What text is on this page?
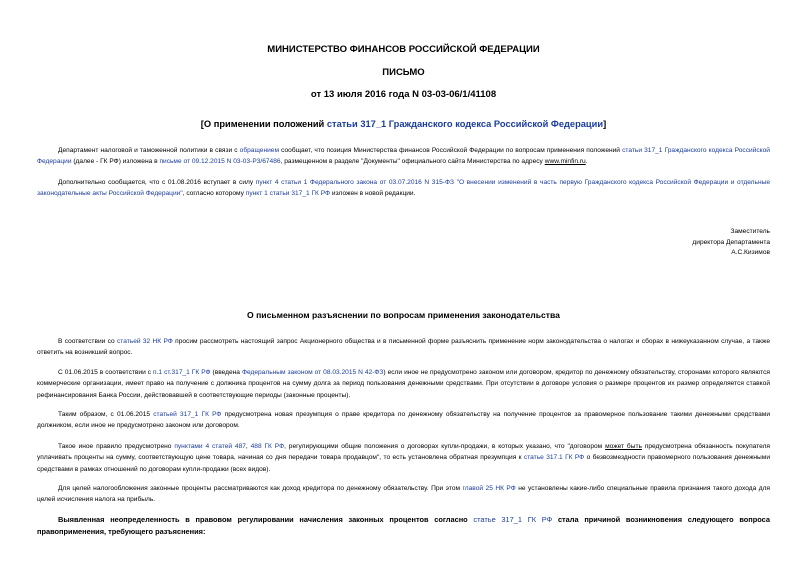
МИНИСТЕРСТВО ФИНАНСОВ РОССИЙСКОЙ ФЕДЕРАЦИИ
ПИСЬМО
от 13 июля 2016 года N 03-03-06/1/41108
[О применении положений статьи 317_1 Гражданского кодекса Российской Федерации]

Департамент налоговой и таможенной политики в связи с обращением сообщает, что позиция Министерства финансов Российской Федерации по вопросам применения положений статьи 317_1 Гражданского кодекса Российской Федерации (далее - ГК РФ) изложена в письме от 09.12.2015 N 03-03-Р3/67486, размещенном в разделе "Документы" официального сайта Министерства по адресу www.minfin.ru.

Дополнительно сообщается, что с 01.08.2016 вступает в силу пункт 4 статьи 1 Федерального закона от 03.07.2016 N 315-ФЗ "О внесении изменений в часть первую Гражданского кодекса Российской Федерации и отдельные законодательные акты Российской Федерации", согласно которому пункт 1 статьи 317_1 ГК РФ изложен в новой редакции.

Заместитель
директора Департамента
А.С.Кизимов
О письменном разъяснении по вопросам применения законодательства

В соответствии со статьей 32 НК РФ просим рассмотреть настоящий запрос Акционерного общества и в письменной форме разъяснить применение норм законодательства о налогах и сборах в нижеуказанном случае, а также ответить на возникший вопрос.

С 01.06.2015 в соответствии с п.1 ст.317_1 ГК РФ (введена Федеральным законом от 08.03.2015 N 42-ФЗ) если иное не предусмотрено законом или договором, кредитор по денежному обязательству, сторонами которого являются коммерческие организации, имеет право на получение с должника процентов на сумму долга за период пользования денежными средствами. При отсутствии в договоре условия о размере процентов их размер определяется ставкой рефинансирования Банка России, действовавшей в соответствующие периоды (законные проценты).

Таким образом, с 01.06.2015 статьей 317_1 ГК РФ предусмотрена новая презумпция о праве кредитора по денежному обязательству на получение процентов за правомерное пользование такими денежными средствами должником, если иное не предусмотрено законом или договором.

Такое иное правило предусмотрено пунктами 4 статей 487, 488 ГК РФ, регулирующими общие положения о договорах купли-продажи, в которых указано, что "договором может быть предусмотрена обязанность покупателя уплачивать проценты на сумму, соответствующую цене товара, начиная со дня передачи товара продавцом", то есть установлена обратная презумпция к статье 317.1 ГК РФ о безвозмездности правомерного пользования денежными средствами в рамках отношений по договорам купли-продажи (всех видов).

Для целей налогообложения законные проценты рассматриваются как доход кредитора по денежному обязательству. При этом главой 25 НК РФ не установлены какие-либо специальные правила признания такого дохода для целей исчисления налога на прибыль.

Выявленная неопределенность в правовом регулировании начисления законных процентов согласно статье 317_1 ГК РФ стала причиной возникновения следующего вопроса правоприменения, требующего разъяснения:
